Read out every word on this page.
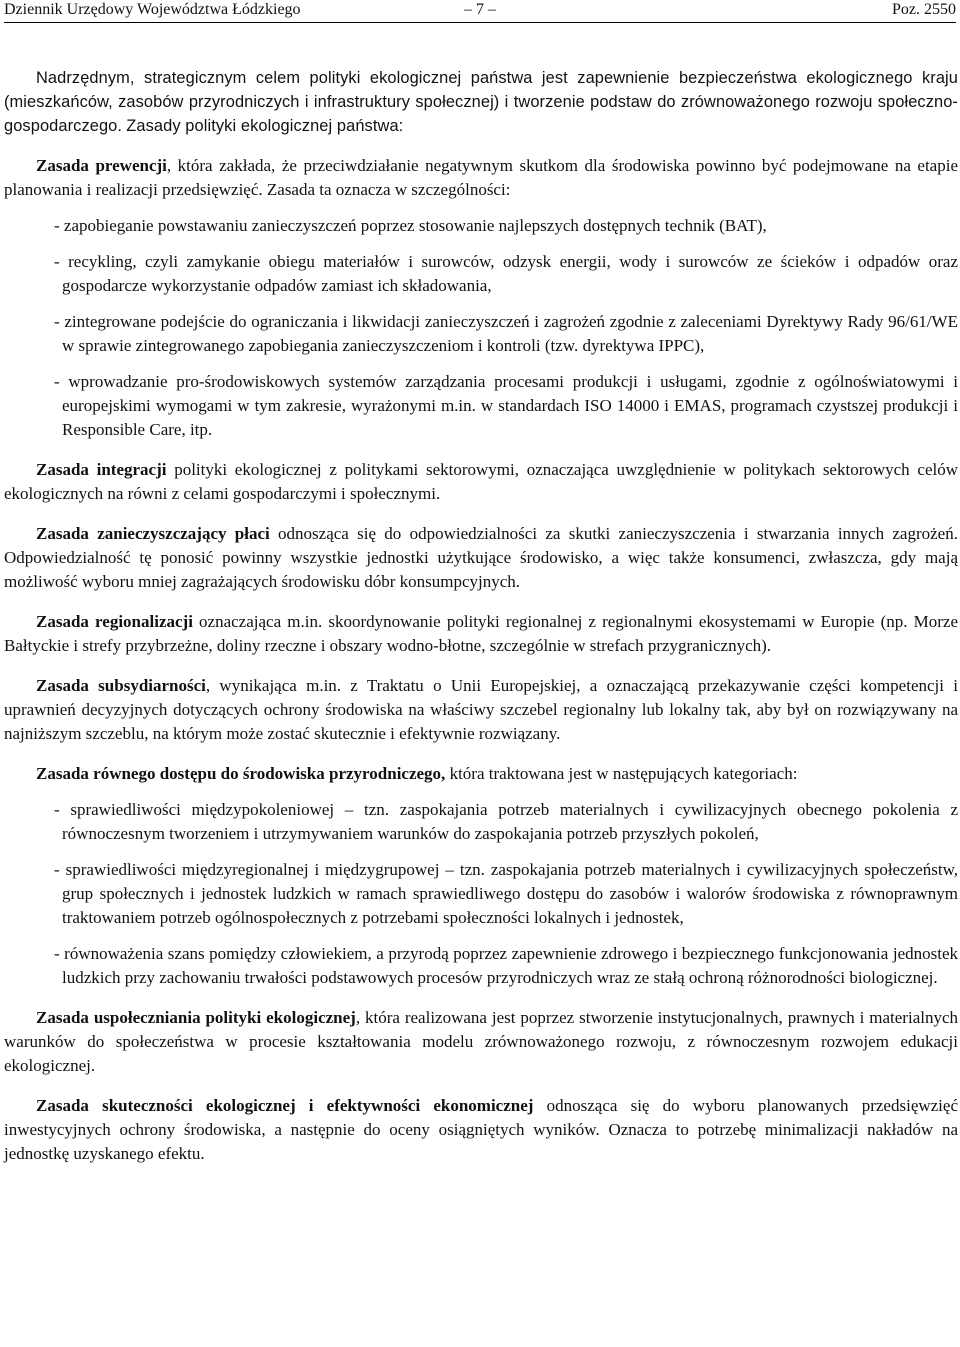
Dziennik Urzędowy Województwa Łódzkiego	– 7 –	Poz. 2550

Nadrzędnym, strategicznym celem polityki ekologicznej państwa jest zapewnienie bezpieczeństwa ekologicznego kraju (mieszkańców, zasobów przyrodniczych i infrastruktury społecznej) i tworzenie podstaw do zrównoważonego rozwoju społeczno-gospodarczego. Zasady polityki ekologicznej państwa:

Zasada prewencji, która zakłada, że przeciwdziałanie negatywnym skutkom dla środowiska powinno być podejmowane na etapie planowania i realizacji przedsięwzięć. Zasada ta oznacza w szczególności:

- zapobieganie powstawaniu zanieczyszczeń poprzez stosowanie najlepszych dostępnych technik (BAT),
- recykling, czyli zamykanie obiegu materiałów i surowców, odzysk energii, wody i surowców ze ścieków i odpadów oraz gospodarcze wykorzystanie odpadów zamiast ich składowania,
- zintegrowane podejście do ograniczania i likwidacji zanieczyszczeń i zagrożeń zgodnie z zaleceniami Dyrektywy Rady 96/61/WE w sprawie zintegrowanego zapobiegania zanieczyszczeniom i kontroli (tzw. dyrektywa IPPC),
- wprowadzanie pro-środowiskowych systemów zarządzania procesami produkcji i usługami, zgodnie z ogólnoświatowymi i europejskimi wymogami w tym zakresie, wyrażonymi m.in. w standardach ISO 14000 i EMAS, programach czystszej produkcji i Responsible Care, itp.

Zasada integracji polityki ekologicznej z politykami sektorowymi, oznaczająca uwzględnienie w politykach sektorowych celów ekologicznych na równi z celami gospodarczymi i społecznymi.

Zasada zanieczyszczający płaci odnosząca się do odpowiedzialności za skutki zanieczyszczenia i stwarzania innych zagrożeń. Odpowiedzialność tę ponosić powinny wszystkie jednostki użytkujące środowisko, a więc także konsumenci, zwłaszcza, gdy mają możliwość wyboru mniej zagrażających środowisku dóbr konsumpcyjnych.

Zasada regionalizacji oznaczająca m.in. skoordynowanie polityki regionalnej z regionalnymi ekosystemami w Europie (np. Morze Bałtyckie i strefy przybrzeżne, doliny rzeczne i obszary wodno-błotne, szczególnie w strefach przygranicznych).

Zasada subsydiarności, wynikająca m.in. z Traktatu o Unii Europejskiej, a oznaczającą przekazywanie części kompetencji i uprawnień decyzyjnych dotyczących ochrony środowiska na właściwy szczebel regionalny lub lokalny tak, aby był on rozwiązywany na najniższym szczeblu, na którym może zostać skutecznie i efektywnie rozwiązany.

Zasada równego dostępu do środowiska przyrodniczego, która traktowana jest w następujących kategoriach:

- sprawiedliwości międzypokoleniowej – tzn. zaspokajania potrzeb materialnych i cywilizacyjnych obecnego pokolenia z równoczesnym tworzeniem i utrzymywaniem warunków do zaspokajania potrzeb przyszłych pokoleń,
- sprawiedliwości międzyregionalnej i międzygrupowej – tzn. zaspokajania potrzeb materialnych i cywilizacyjnych społeczeństw, grup społecznych i jednostek ludzkich w ramach sprawiedliwego dostępu do zasobów i walorów środowiska z równoprawnym traktowaniem potrzeb ogólnospołecznych z potrzebami społeczności lokalnych i jednostek,
- równoważenia szans pomiędzy człowiekiem, a przyrodą poprzez zapewnienie zdrowego i bezpiecznego funkcjonowania jednostek ludzkich przy zachowaniu trwałości podstawowych procesów przyrodniczych wraz ze stałą ochroną różnorodności biologicznej.

Zasada uspołeczniania polityki ekologicznej, która realizowana jest poprzez stworzenie instytucjonalnych, prawnych i materialnych warunków do społeczeństwa w procesie kształtowania modelu zrównoważonego rozwoju, z równoczesnym rozwojem edukacji ekologicznej.

Zasada skuteczności ekologicznej i efektywności ekonomicznej odnosząca się do wyboru planowanych przedsięwzięć inwestycyjnych ochrony środowiska, a następnie do oceny osiągniętych wyników. Oznacza to potrzebę minimalizacji nakładów na jednostkę uzyskanego efektu.
